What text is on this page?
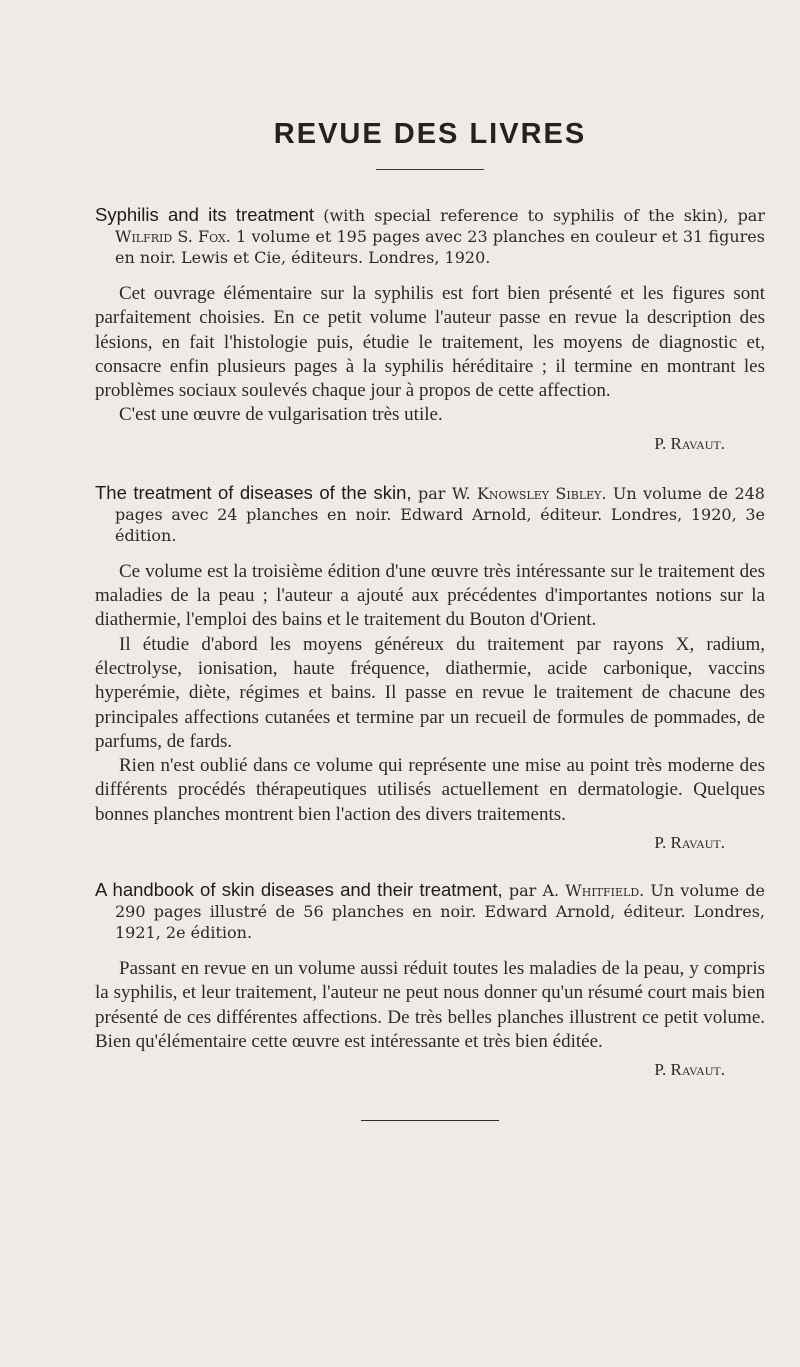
REVUE DES LIVRES

Syphilis and its treatment (with special reference to syphilis of the skin), par Wilfrid S. Fox. 1 volume et 195 pages avec 23 planches en couleur et 31 figures en noir. Lewis et Cie, éditeurs. Londres, 1920.

Cet ouvrage élémentaire sur la syphilis est fort bien présenté et les figures sont parfaitement choisies. En ce petit volume l'auteur passe en revue la description des lésions, en fait l'histologie puis, étudie le traitement, les moyens de diagnostic et, consacre enfin plusieurs pages à la syphilis héréditaire ; il termine en montrant les problèmes sociaux soulevés chaque jour à propos de cette affection.

C'est une œuvre de vulgarisation très utile.

P. Ravaut.

The treatment of diseases of the skin, par W. Knowsley Sibley. Un volume de 248 pages avec 24 planches en noir. Edward Arnold, éditeur. Londres, 1920, 3e édition.

Ce volume est la troisième édition d'une œuvre très intéressante sur le traitement des maladies de la peau ; l'auteur a ajouté aux précédentes d'importantes notions sur la diathermie, l'emploi des bains et le traitement du Bouton d'Orient.

Il étudie d'abord les moyens généreux du traitement par rayons X, radium, électrolyse, ionisation, haute fréquence, diathermie, acide carbonique, vaccins hyperémie, diète, régimes et bains. Il passe en revue le traitement de chacune des principales affections cutanées et termine par un recueil de formules de pommades, de parfums, de fards.

Rien n'est oublié dans ce volume qui représente une mise au point très moderne des différents procédés thérapeutiques utilisés actuellement en dermatologie. Quelques bonnes planches montrent bien l'action des divers traitements.

P. Ravaut.

A handbook of skin diseases and their treatment, par A. Whitfield. Un volume de 290 pages illustré de 56 planches en noir. Edward Arnold, éditeur. Londres, 1921, 2e édition.

Passant en revue en un volume aussi réduit toutes les maladies de la peau, y compris la syphilis, et leur traitement, l'auteur ne peut nous donner qu'un résumé court mais bien présenté de ces différentes affections. De très belles planches illustrent ce petit volume. Bien qu'élémentaire cette œuvre est intéressante et très bien éditée.

P. Ravaut.
